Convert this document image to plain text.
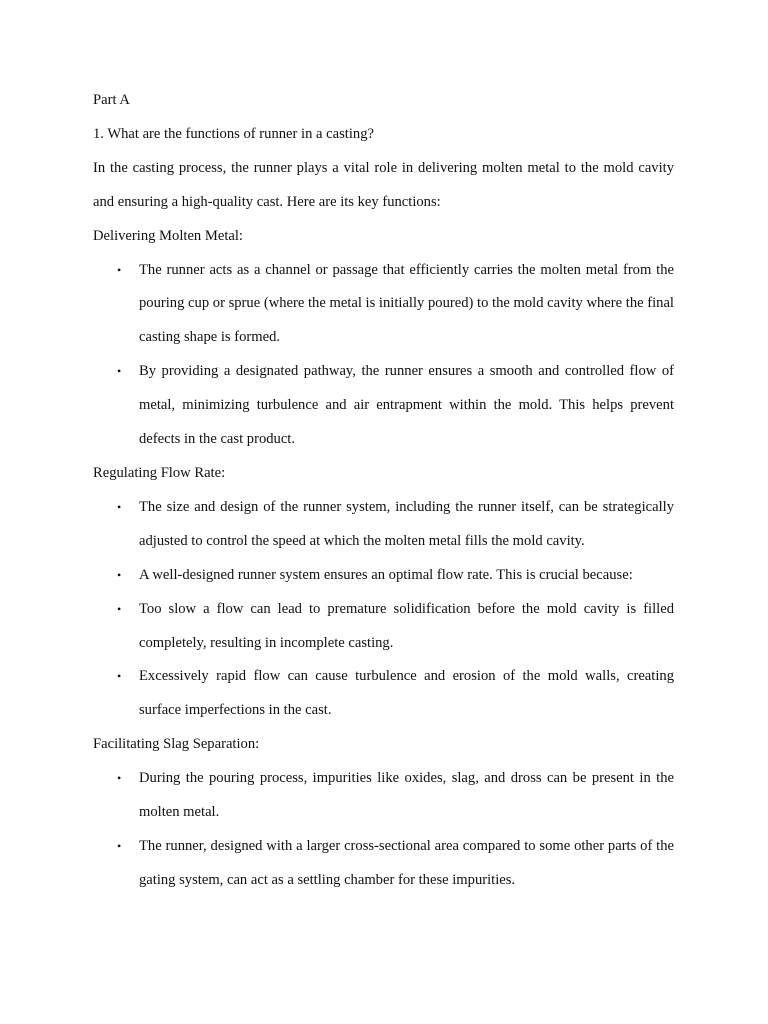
Part A

1. What are the functions of runner in a casting?

In the casting process, the runner plays a vital role in delivering molten metal to the mold cavity and ensuring a high-quality cast. Here are its key functions:

Delivering Molten Metal:

• The runner acts as a channel or passage that efficiently carries the molten metal from the pouring cup or sprue (where the metal is initially poured) to the mold cavity where the final casting shape is formed.
• By providing a designated pathway, the runner ensures a smooth and controlled flow of metal, minimizing turbulence and air entrapment within the mold. This helps prevent defects in the cast product.

Regulating Flow Rate:

• The size and design of the runner system, including the runner itself, can be strategically adjusted to control the speed at which the molten metal fills the mold cavity.
• A well-designed runner system ensures an optimal flow rate. This is crucial because:
• Too slow a flow can lead to premature solidification before the mold cavity is filled completely, resulting in incomplete casting.
• Excessively rapid flow can cause turbulence and erosion of the mold walls, creating surface imperfections in the cast.

Facilitating Slag Separation:

• During the pouring process, impurities like oxides, slag, and dross can be present in the molten metal.
• The runner, designed with a larger cross-sectional area compared to some other parts of the gating system, can act as a settling chamber for these impurities.
